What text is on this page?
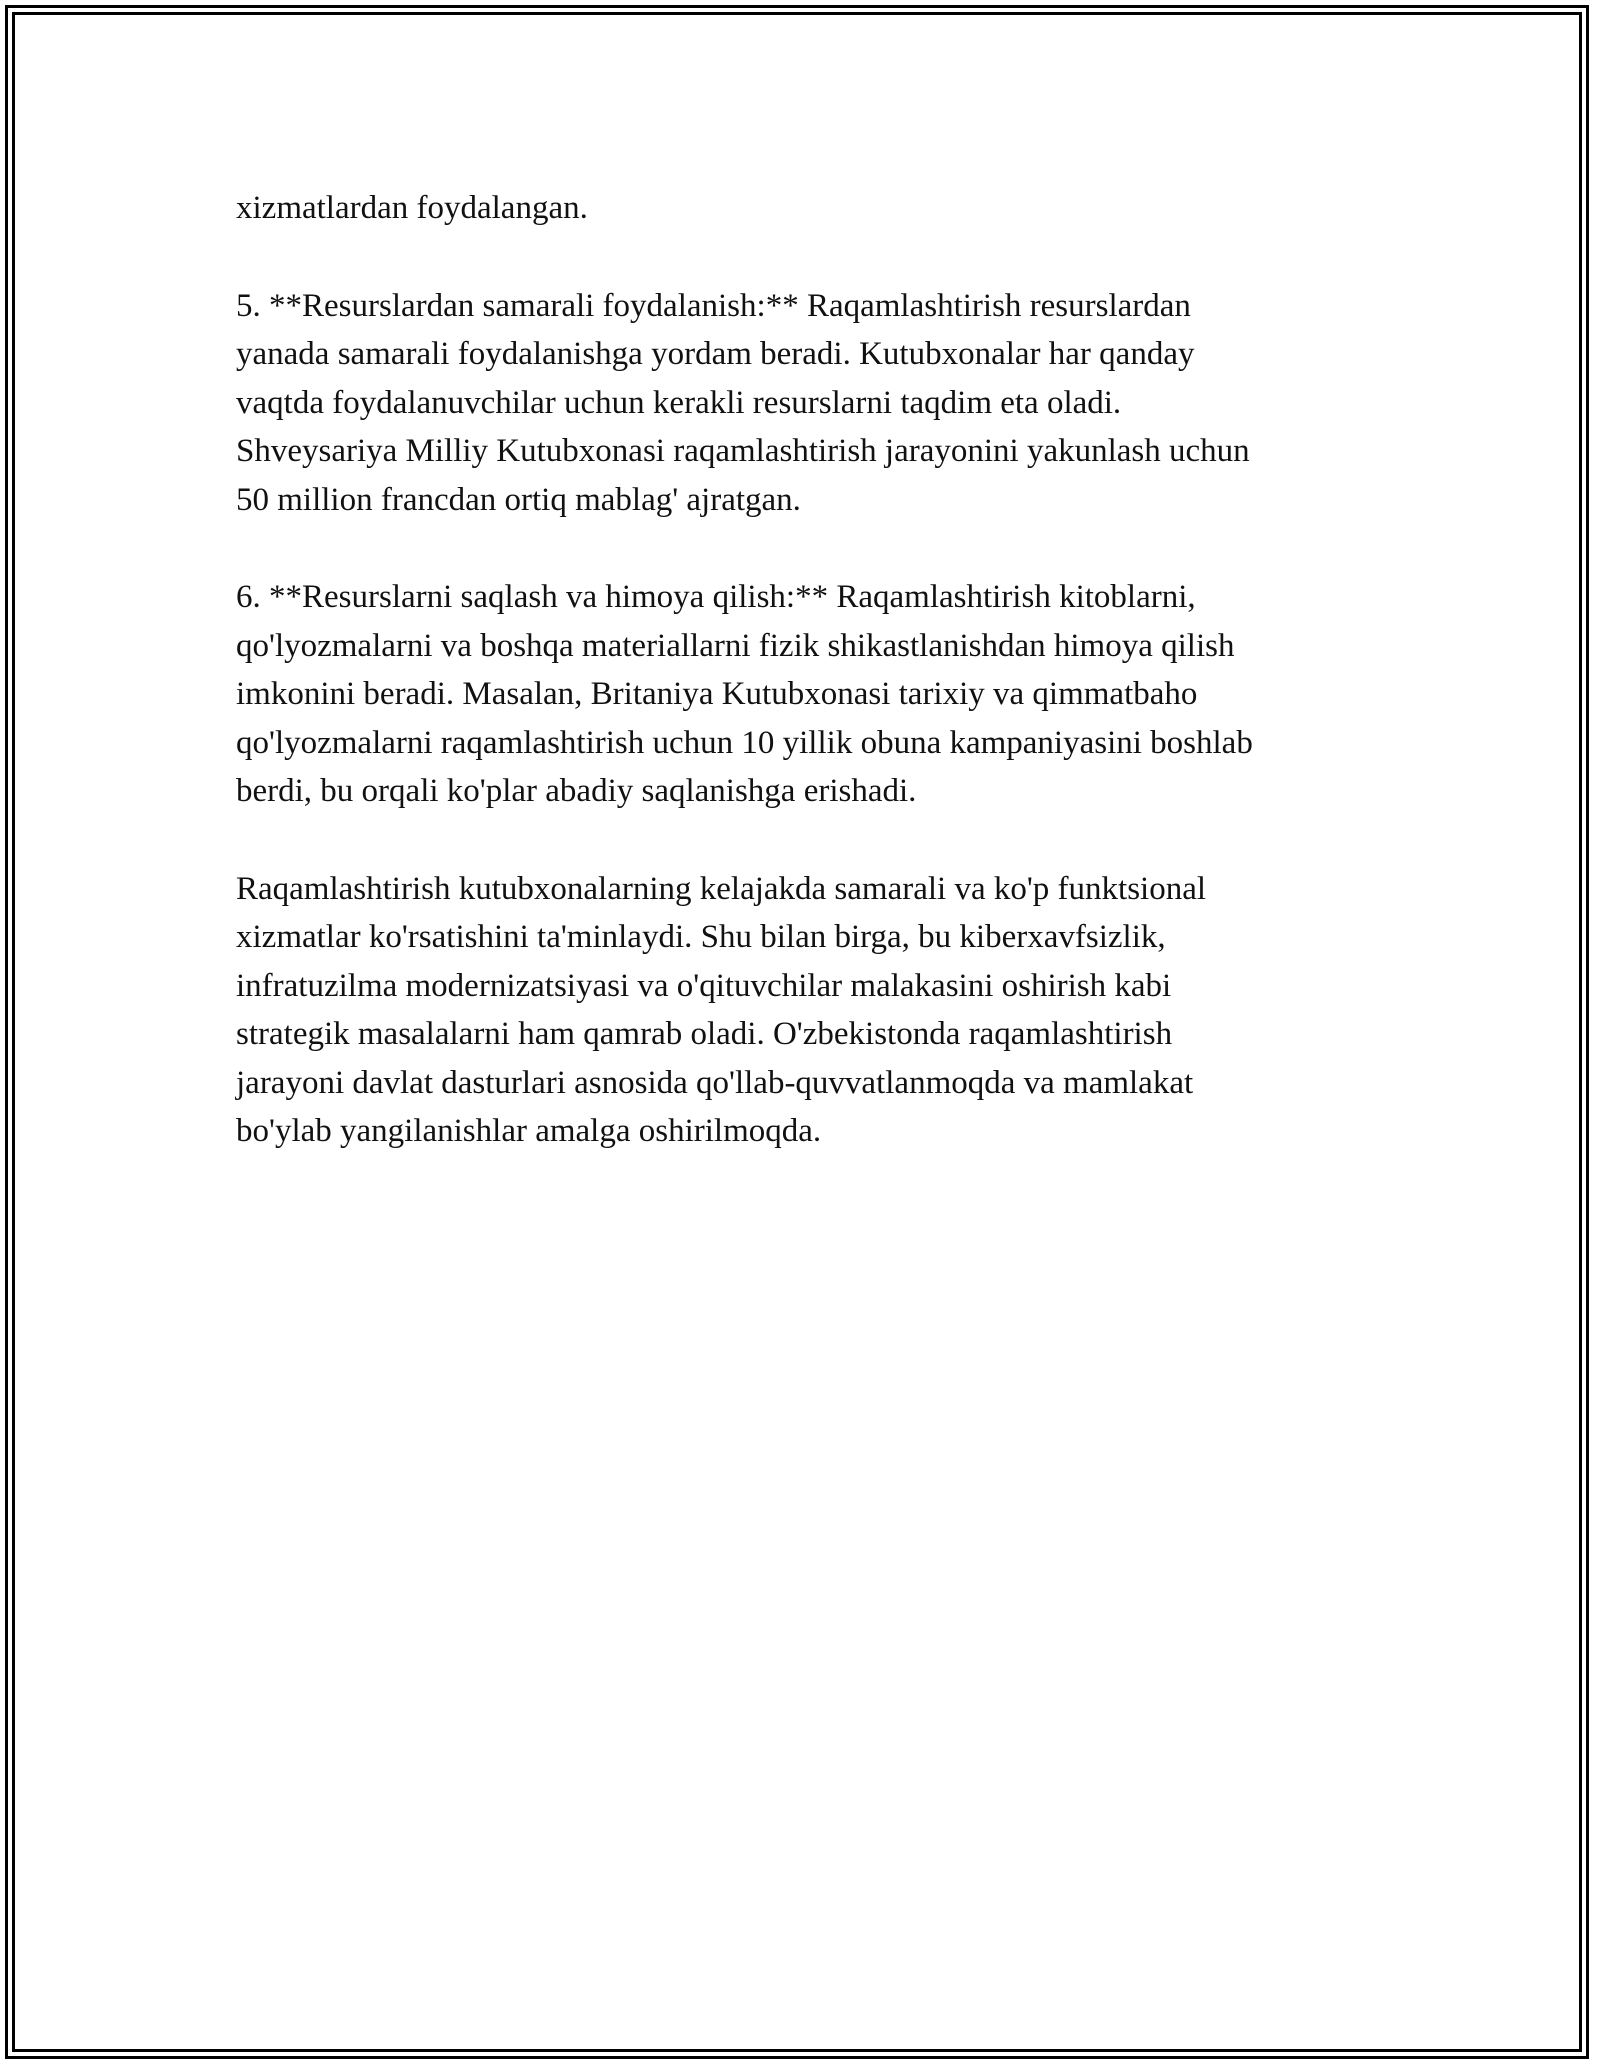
xizmatlardan foydalangan.

5. **Resurslardan samarali foydalanish:** Raqamlashtirish resurslardan
yanada samarali foydalanishga yordam beradi. Kutubxonalar har qanday
vaqtda foydalanuvchilar uchun kerakli resurslarni taqdim eta oladi.
Shveysariya Milliy Kutubxonasi raqamlashtirish jarayonini yakunlash uchun
50 million francdan ortiq mablag' ajratgan.

6. **Resurslarni saqlash va himoya qilish:** Raqamlashtirish kitoblarni,
qo'lyozmalarni va boshqa materiallarni fizik shikastlanishdan himoya qilish
imkonini beradi. Masalan, Britaniya Kutubxonasi tarixiy va qimmatbaho
qo'lyozmalarni raqamlashtirish uchun 10 yillik obuna kampaniyasini boshlab
berdi, bu orqali ko'plar abadiy saqlanishga erishadi.

Raqamlashtirish kutubxonalarning kelajakda samarali va ko'p funktsional
xizmatlar ko'rsatishini ta'minlaydi. Shu bilan birga, bu kiberxavfsizlik,
infratuzilma modernizatsiyasi va o'qituvchilar malakasini oshirish kabi
strategik masalalarni ham qamrab oladi. O'zbekistonda raqamlashtirish
jarayoni davlat dasturlari asnosida qo'llab-quvvatlanmoqda va mamlakat
bo'ylab yangilanishlar amalga oshirilmoqda.
